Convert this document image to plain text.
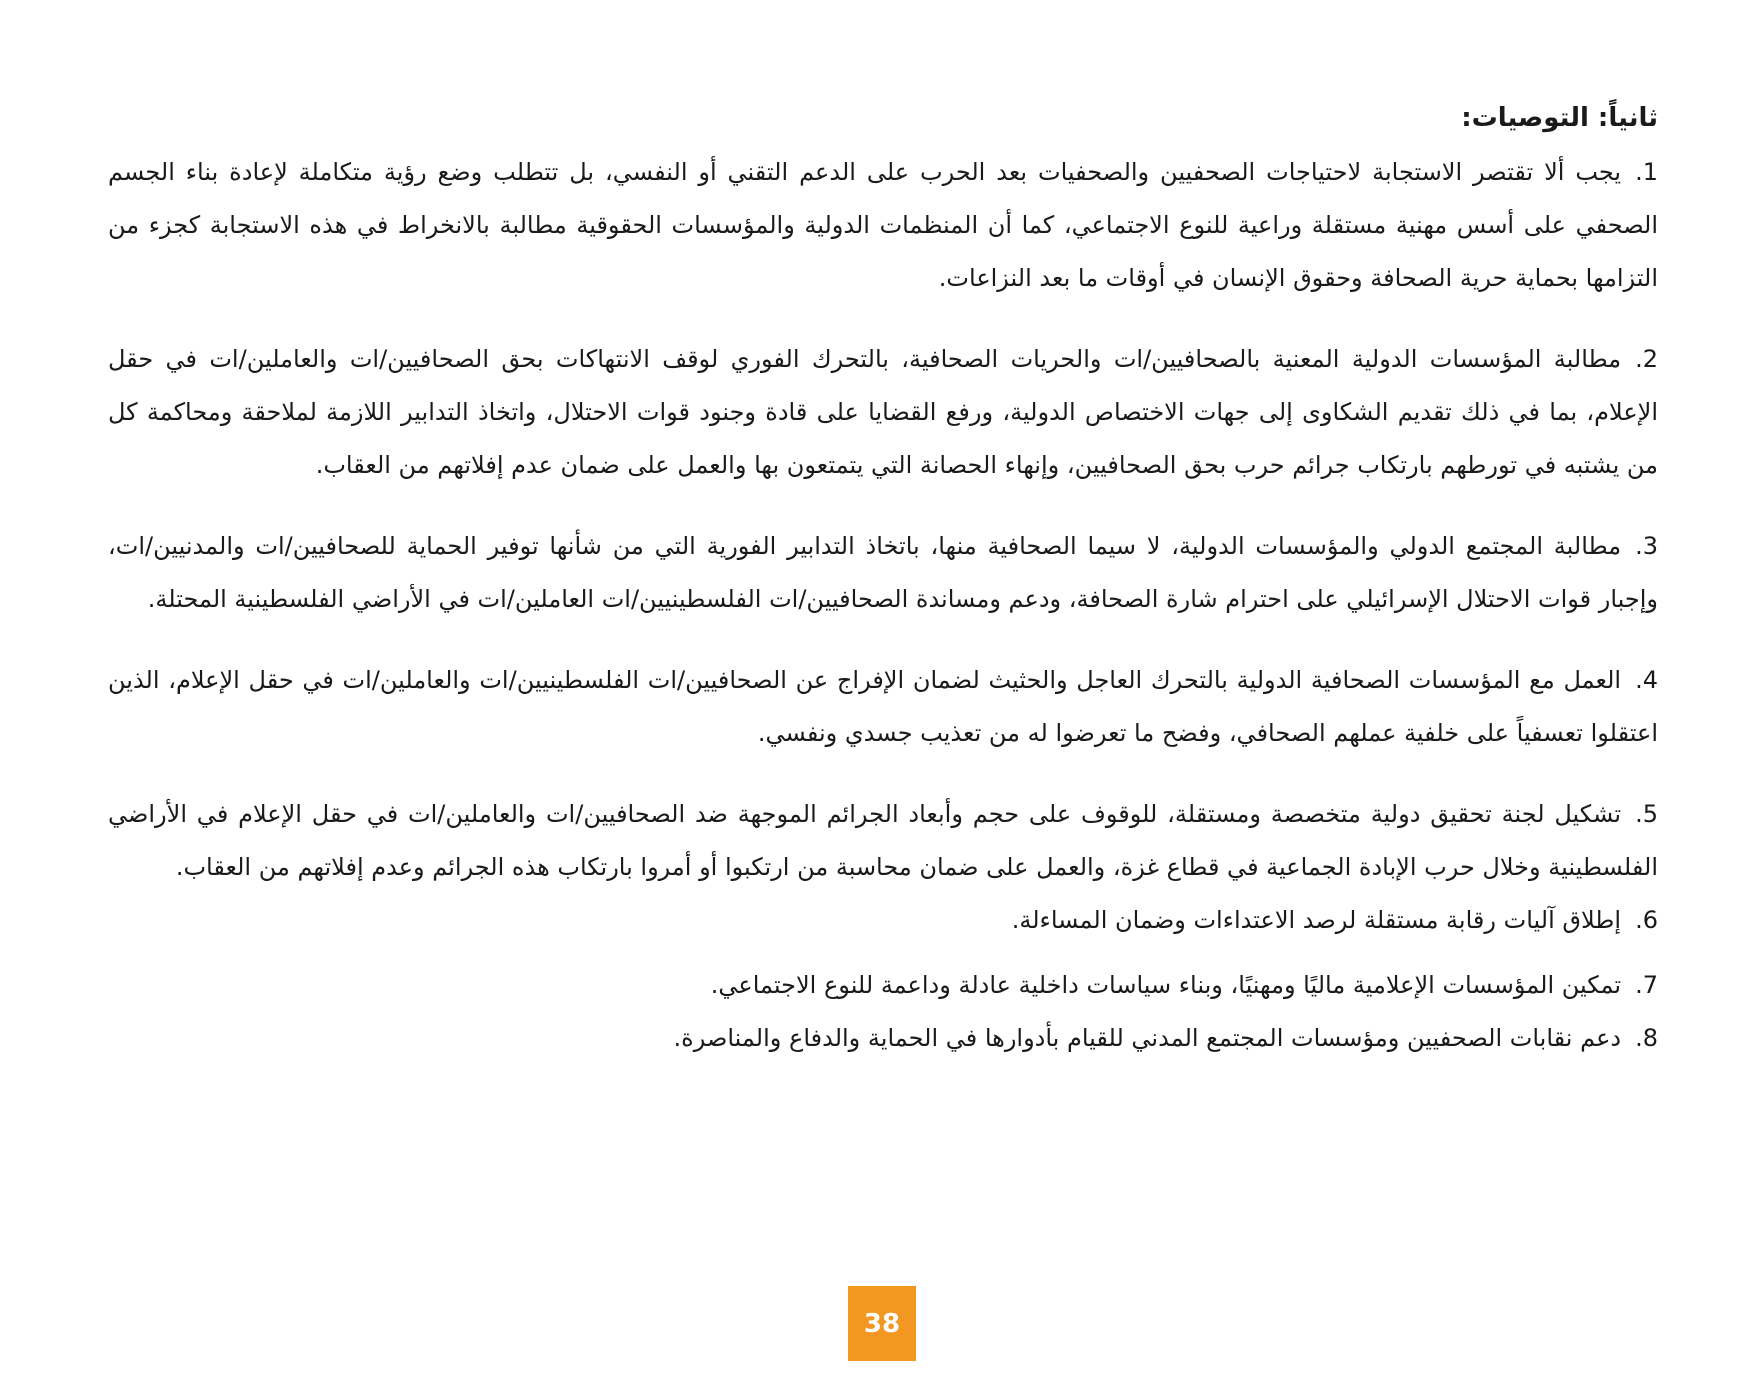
ثانياً: التوصيات:
1.يجب ألا تقتصر الاستجابة لاحتياجات الصحفيين والصحفيات بعد الحرب على الدعم التقني أو النفسي، بل تتطلب وضع رؤية متكاملة لإعادة بناء الجسم الصحفي على أسس مهنية مستقلة وراعية للنوع الاجتماعي، كما أن المنظمات الدولية والمؤسسات الحقوقية مطالبة بالانخراط في هذه الاستجابة كجزء من التزامها بحماية حرية الصحافة وحقوق الإنسان في أوقات ما بعد النزاعات.
2.مطالبة المؤسسات الدولية المعنية بالصحافيين/ات والحريات الصحافية، بالتحرك الفوري لوقف الانتهاكات بحق الصحافيين/ات والعاملين/ات في حقل الإعلام، بما في ذلك تقديم الشكاوى إلى جهات الاختصاص الدولية، ورفع القضايا على قادة وجنود قوات الاحتلال، واتخاذ التدابير اللازمة لملاحقة ومحاكمة كل من يشتبه في تورطهم بارتكاب جرائم حرب بحق الصحافيين، وإنهاء الحصانة التي يتمتعون بها والعمل على ضمان عدم إفلاتهم من العقاب.
3.مطالبة المجتمع الدولي والمؤسسات الدولية، لا سيما الصحافية منها، باتخاذ التدابير الفورية التي من شأنها توفير الحماية للصحافيين/ات والمدنيين/ات، وإجبار قوات الاحتلال الإسرائيلي على احترام شارة الصحافة، ودعم ومساندة الصحافيين/ات الفلسطينيين/ات العاملين/ات في الأراضي الفلسطينية المحتلة.
4.العمل مع المؤسسات الصحافية الدولية بالتحرك العاجل والحثيث لضمان الإفراج عن الصحافيين/ات الفلسطينيين/ات والعاملين/ات في حقل الإعلام، الذين اعتقلوا تعسفياً على خلفية عملهم الصحافي، وفضح ما تعرضوا له من تعذيب جسدي ونفسي.
5.تشكيل لجنة تحقيق دولية متخصصة ومستقلة، للوقوف على حجم وأبعاد الجرائم الموجهة ضد الصحافيين/ات والعاملين/ات في حقل الإعلام في الأراضي الفلسطينية وخلال حرب الإبادة الجماعية في قطاع غزة، والعمل على ضمان محاسبة من ارتكبوا أو أمروا بارتكاب هذه الجرائم وعدم إفلاتهم من العقاب.
6.إطلاق آليات رقابة مستقلة لرصد الاعتداءات وضمان المساءلة.
7.تمكين المؤسسات الإعلامية ماليًا ومهنيًا، وبناء سياسات داخلية عادلة وداعمة للنوع الاجتماعي.
8.دعم نقابات الصحفيين ومؤسسات المجتمع المدني للقيام بأدوارها في الحماية والدفاع والمناصرة.
38
